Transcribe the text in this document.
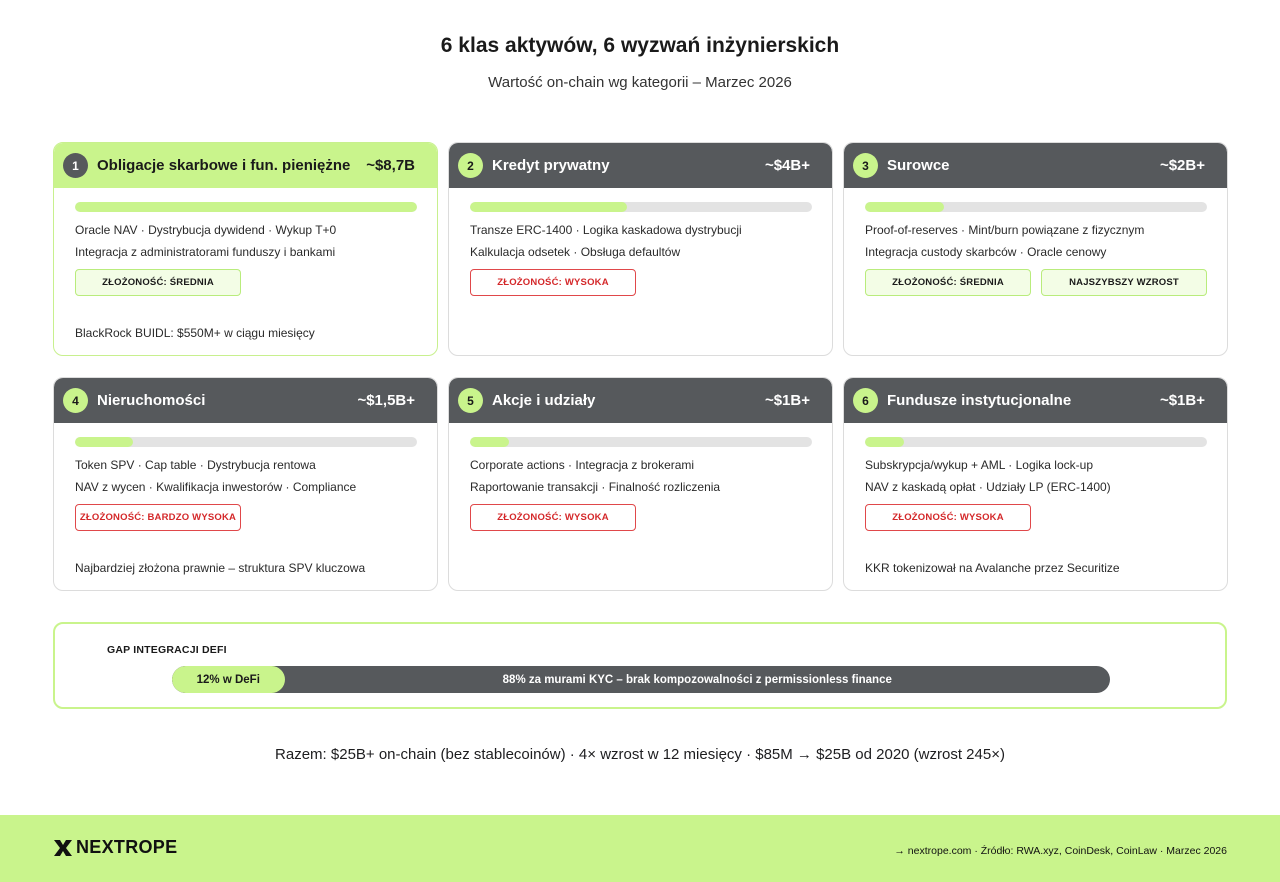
6 klas aktywów, 6 wyzwań inżynierskich
Wartość on-chain wg kategorii – Marzec 2026
1	Obligacje skarbowe i fun. pieniężne	~$8,7B
Oracle NAV · Dystrybucja dywidend · Wykup T+0
Integracja z administratorami funduszy i bankami
ZŁOŻONOŚĆ: ŚREDNIA
BlackRock BUIDL: $550M+ w ciągu miesięcy
2	Kredyt prywatny	~$4B+
Transze ERC-1400 · Logika kaskadowa dystrybucji
Kalkulacja odsetek · Obsługa defaultów
ZŁOŻONOŚĆ: WYSOKA
3	Surowce	~$2B+
Proof-of-reserves · Mint/burn powiązane z fizycznym
Integracja custody skarbców · Oracle cenowy
ZŁOŻONOŚĆ: ŚREDNIA	NAJSZYBSZY WZROST
4	Nieruchomości	~$1,5B+
Token SPV · Cap table · Dystrybucja rentowa
NAV z wycen · Kwalifikacja inwestorów · Compliance
ZŁOŻONOŚĆ: BARDZO WYSOKA
Najbardziej złożona prawnie – struktura SPV kluczowa
5	Akcje i udziały	~$1B+
Corporate actions · Integracja z brokerami
Raportowanie transakcji · Finalność rozliczenia
ZŁOŻONOŚĆ: WYSOKA
6	Fundusze instytucjonalne	~$1B+
Subskrypcja/wykup + AML · Logika lock-up
NAV z kaskadą opłat · Udziały LP (ERC-1400)
ZŁOŻONOŚĆ: WYSOKA
KKR tokenizował na Avalanche przez Securitize
GAP INTEGRACJI DEFI
12% w DeFi	88% za murami KYC – brak kompozowalności z permissionless finance
Razem: $25B+ on-chain (bez stablecoinów) · 4× wzrost w 12 miesięcy · $85M → $25B od 2020 (wzrost 245×)
NEXTROPE	→ nextrope.com · Źródło: RWA.xyz, CoinDesk, CoinLaw · Marzec 2026
